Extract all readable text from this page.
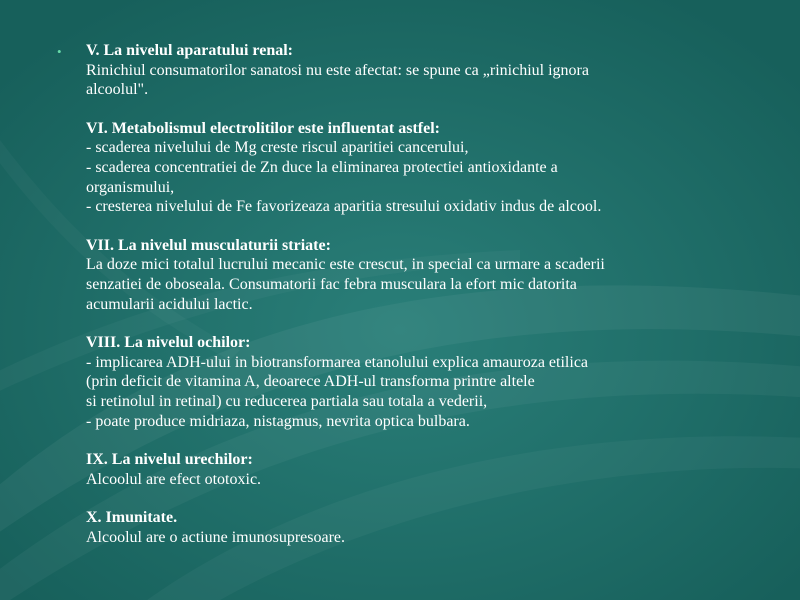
• V. La nivelul aparatului renal:
Rinichiul consumatorilor sanatosi nu este afectat: se spune ca „rinichiul ignora
alcoolul".
VI. Metabolismul electrolitilor este influentat astfel:
- scaderea nivelului de Mg creste riscul aparitiei cancerului,
- scaderea concentratiei de Zn duce la eliminarea protectiei antioxidante a
organismului,
- cresterea nivelului de Fe favorizeaza aparitia stresului oxidativ indus de alcool.
VII. La nivelul musculaturii striate:
La doze mici totalul lucrului mecanic este crescut, in special ca urmare a scaderii
senzatiei de oboseala. Consumatorii fac febra musculara la efort mic datorita
acumularii acidului lactic.
VIII. La nivelul ochilor:
- implicarea ADH-ului in biotransformarea etanolului explica amauroza etilica
(prin deficit de vitamina A, deoarece ADH-ul transforma printre altele
si retinolul in retinal) cu reducerea partiala sau totala a vederii,
- poate produce midriaza, nistagmus, nevrita optica bulbara.
IX. La nivelul urechilor:
Alcoolul are efect ototoxic.
X. Imunitate.
Alcoolul are o actiune imunosupresoare.
